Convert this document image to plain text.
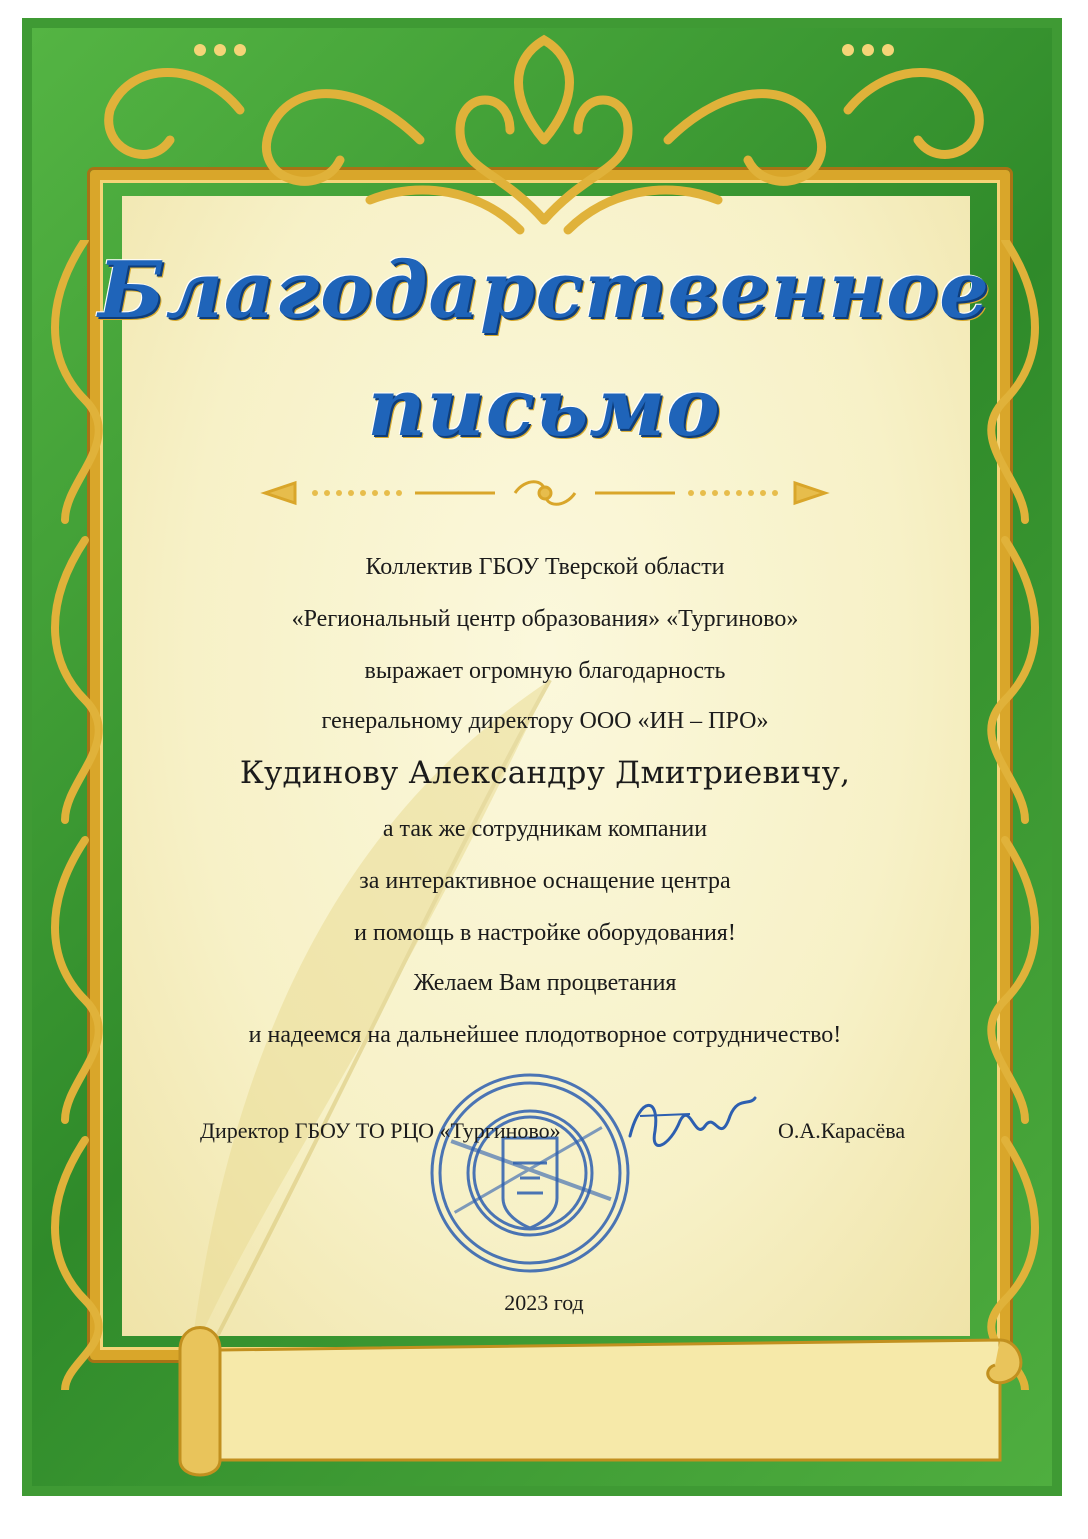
Благодарственное
письмо
Коллектив ГБОУ Тверской области
«Региональный центр образования» «Тургиново»
выражает огромную благодарность
генеральному директору ООО «ИН – ПРО»
Кудинову Александру Дмитриевичу,
а так же сотрудникам компании
за интерактивное оснащение центра
и помощь в настройке оборудования!
Желаем Вам процветания
и надеемся на дальнейшее плодотворное сотрудничество!
Директор ГБОУ ТО РЦО «Тургиново»	О.А.Карасёва
2023 год
